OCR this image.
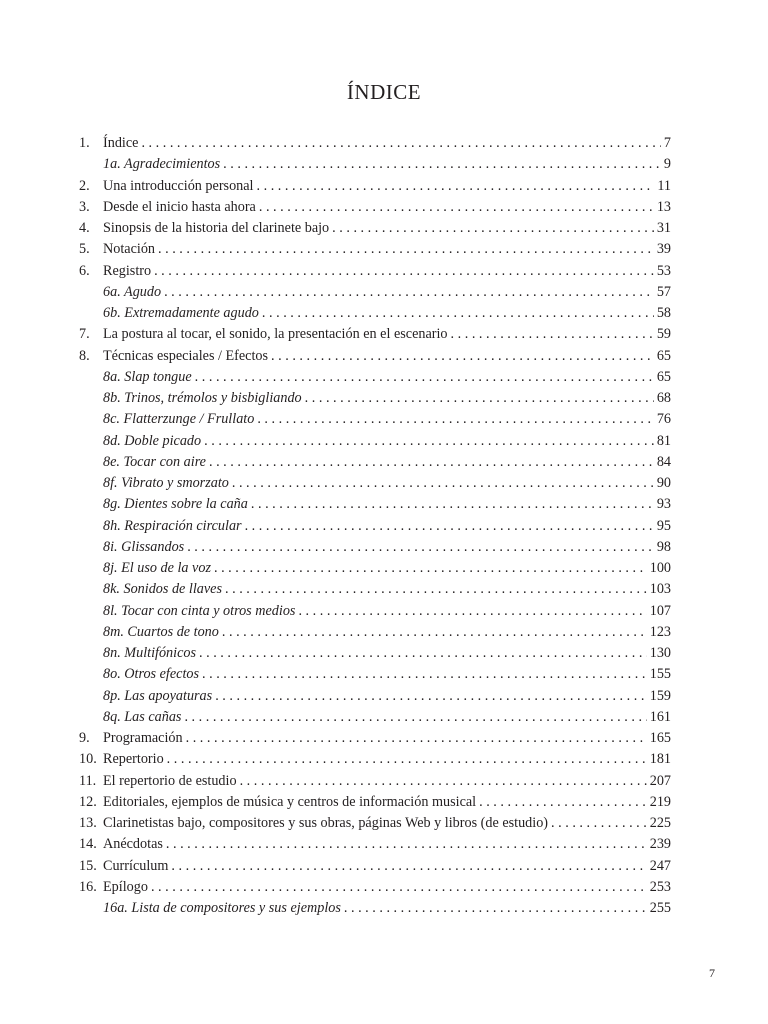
ÍNDICE
1. Índice . . .	7
1a. Agradecimientos . . .	9
2. Una introducción personal . . .	11
3. Desde el inicio hasta ahora . . .	13
4. Sinopsis de la historia del clarinete bajo . . .	31
5. Notación . . .	39
6. Registro . . .	53
6a. Agudo . . .	57
6b. Extremadamente agudo . . .	58
7. La postura al tocar, el sonido, la presentación en el escenario . . .	59
8. Técnicas especiales / Efectos . . .	65
8a. Slap tongue . . .	65
8b. Trinos, trémolos y bisbigliando . . .	68
8c. Flatterzunge / Frullato . . .	76
8d. Doble picado . . .	81
8e. Tocar con aire . . .	84
8f. Vibrato y smorzato . . .	90
8g. Dientes sobre la caña . . .	93
8h. Respiración circular . . .	95
8i. Glissandos . . .	98
8j. El uso de la voz . . .	100
8k. Sonidos de llaves . . .	103
8l. Tocar con cinta y otros medios . . .	107
8m. Cuartos de tono . . .	123
8n. Multifónicos . . .	130
8o. Otros efectos . . .	155
8p. Las apoyaturas . . .	159
8q. Las cañas . . .	161
9. Programación . . .	165
10. Repertorio . . .	181
11. El repertorio de estudio . . .	207
12. Editoriales, ejemplos de música y centros de información musical . . .	219
13. Clarinetistas bajo, compositores y sus obras, páginas Web y libros (de estudio) . . .	225
14. Anécdotas . . .	239
15. Currículum . . .	247
16. Epílogo . . .	253
16a. Lista de compositores y sus ejemplos . . .	255
7
